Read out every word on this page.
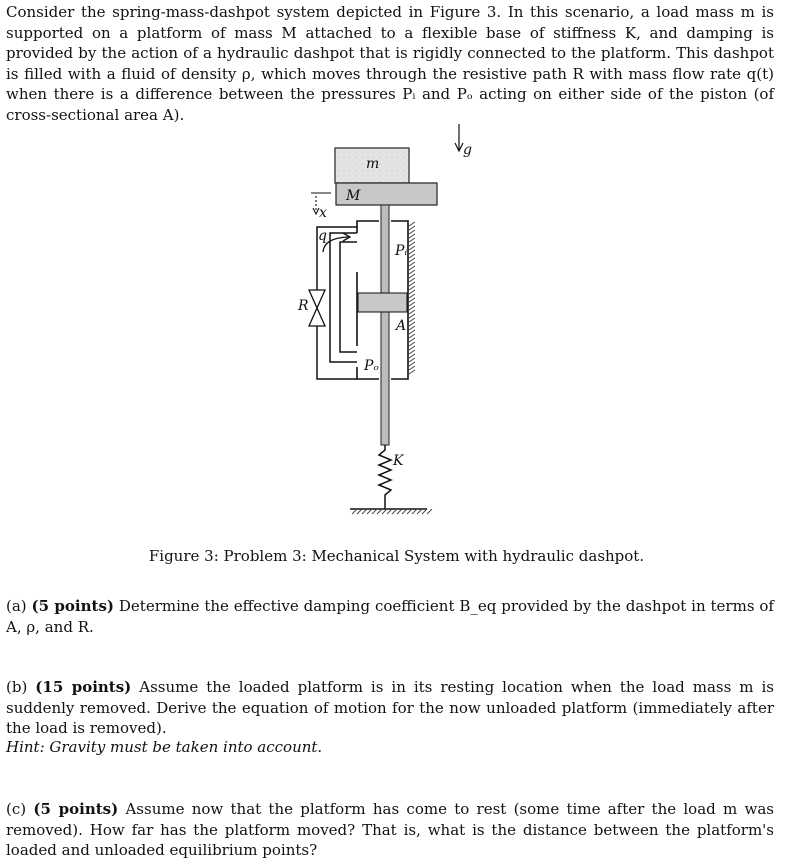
Consider the spring-mass-dashpot system depicted in Figure 3. In this scenario, a load mass m is supported on a platform of mass M attached to a flexible base of stiffness K, and damping is provided by the action of a hydraulic dashpot that is rigidly connected to the platform. This dashpot is filled with a fluid of density ρ, which moves through the resistive path R with mass flow rate q(t) when there is a difference between the pressures Pᵢ and Pₒ acting on either side of the piston (of cross-sectional area A).
m
M
x
q
Pᵢ
R
A
Pₒ
K
g
Figure 3: Problem 3: Mechanical System with hydraulic dashpot.
(a) (5 points) Determine the effective damping coefficient B_eq provided by the dashpot in terms of A, ρ, and R.
(b) (15 points) Assume the loaded platform is in its resting location when the load mass m is suddenly removed. Derive the equation of motion for the now unloaded platform (immediately after the load is removed).
Hint: Gravity must be taken into account.
(c) (5 points) Assume now that the platform has come to rest (some time after the load m was removed). How far has the platform moved? That is, what is the distance between the platform's loaded and unloaded equilibrium points?
